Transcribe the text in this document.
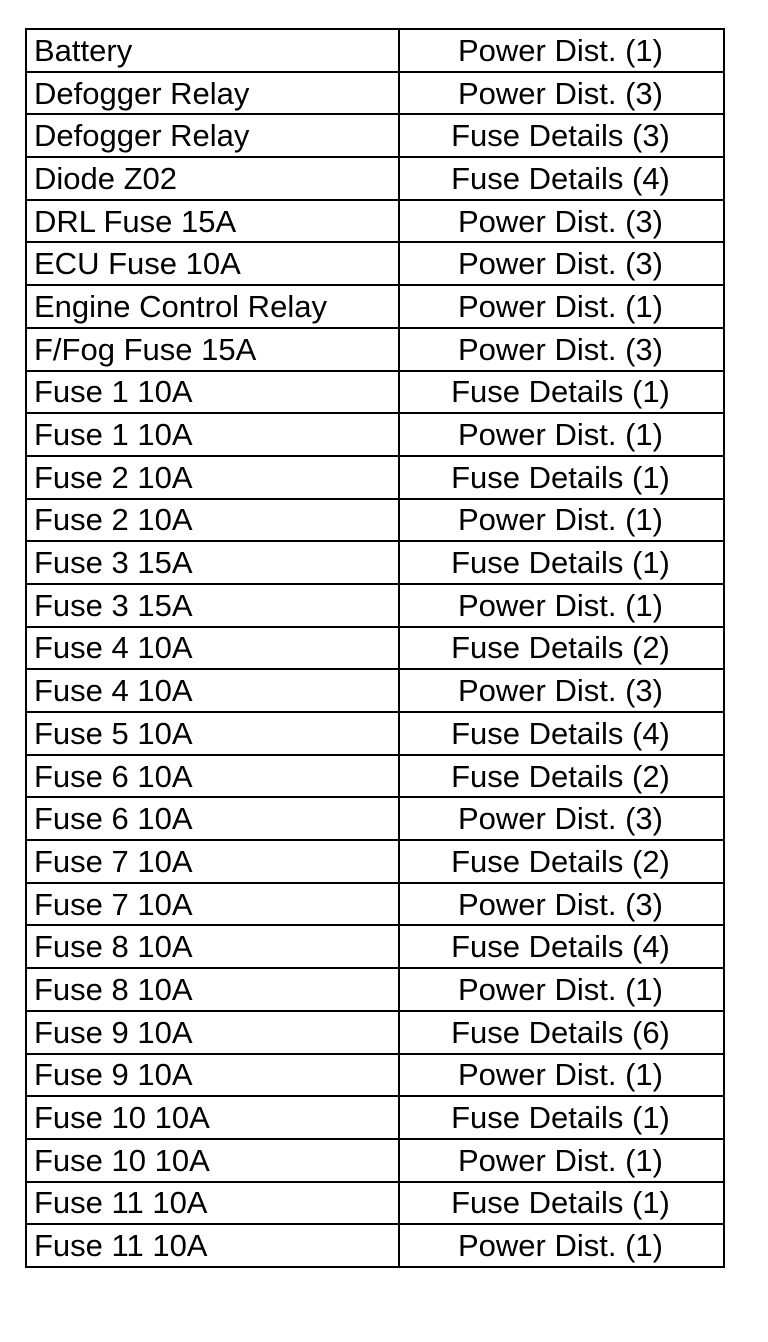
Battery	Power Dist. (1)
Defogger Relay	Power Dist. (3)
Defogger Relay	Fuse Details (3)
Diode Z02	Fuse Details (4)
DRL Fuse 15A	Power Dist. (3)
ECU Fuse 10A	Power Dist. (3)
Engine Control Relay	Power Dist. (1)
F/Fog Fuse 15A	Power Dist. (3)
Fuse 1 10A	Fuse Details (1)
Fuse 1 10A	Power Dist. (1)
Fuse 2 10A	Fuse Details (1)
Fuse 2 10A	Power Dist. (1)
Fuse 3 15A	Fuse Details (1)
Fuse 3 15A	Power Dist. (1)
Fuse 4 10A	Fuse Details (2)
Fuse 4 10A	Power Dist. (3)
Fuse 5 10A	Fuse Details (4)
Fuse 6 10A	Fuse Details (2)
Fuse 6 10A	Power Dist. (3)
Fuse 7 10A	Fuse Details (2)
Fuse 7 10A	Power Dist. (3)
Fuse 8 10A	Fuse Details (4)
Fuse 8 10A	Power Dist. (1)
Fuse 9 10A	Fuse Details (6)
Fuse 9 10A	Power Dist. (1)
Fuse 10 10A	Fuse Details (1)
Fuse 10 10A	Power Dist. (1)
Fuse 11 10A	Fuse Details (1)
Fuse 11 10A	Power Dist. (1)
